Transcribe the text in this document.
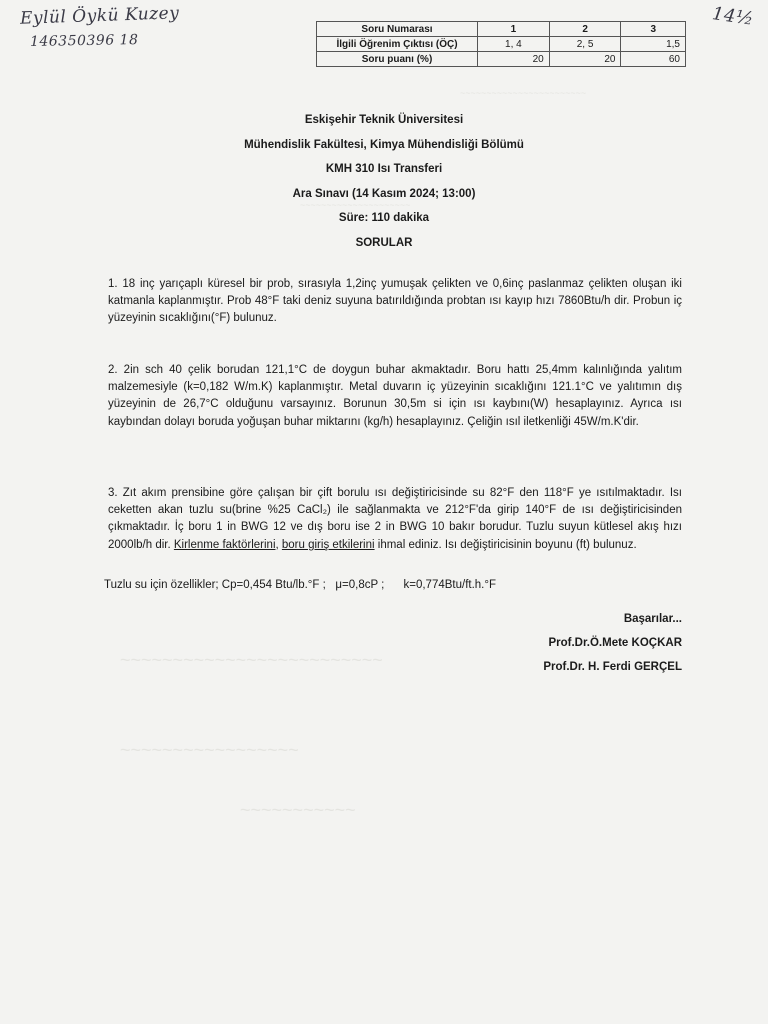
~~~~~~~~~~~~~~~~~~~~~~~~
~~~~~~~~~~~~~~~~~~~~~
~~~~~~~~~~~~~~~~~~~~~~~~~
~~~~~~~~~~~~~~~~~
~~~~~~~~~~~
Eylül Öykü Kuzey
146350396 18
14½
Soru Numarası	1	2	3
İlgili Öğrenim Çıktısı (ÖÇ)	1, 4	2, 5	1,5
Soru puanı (%)	20	20	60
Eskişehir Teknik Üniversitesi
Mühendislik Fakültesi, Kimya Mühendisliği Bölümü
KMH 310 Isı Transferi
Ara Sınavı (14 Kasım 2024; 13:00)
Süre: 110 dakika
SORULAR
1. 18 inç yarıçaplı küresel bir prob, sırasıyla 1,2inç yumuşak çelikten ve 0,6inç paslanmaz çelikten oluşan iki katmanla kaplanmıştır. Prob 48°F taki deniz suyuna batırıldığında probtan ısı kayıp hızı 7860Btu/h dir. Probun iç yüzeyinin sıcaklığını(°F) bulunuz.
2. 2in sch 40 çelik borudan 121,1°C de doygun buhar akmaktadır. Boru hattı 25,4mm kalınlığında yalıtım malzemesiyle (k=0,182 W/m.K) kaplanmıştır. Metal duvarın iç yüzeyinin sıcaklığını 121.1°C ve yalıtımın dış yüzeyinin de 26,7°C olduğunu varsayınız. Borunun 30,5m si için ısı kaybını(W) hesaplayınız. Ayrıca ısı kaybından dolayı boruda yoğuşan buhar miktarını (kg/h) hesaplayınız. Çeliğin ısıl iletkenliği 45W/m.K'dir.
3. Zıt akım prensibine göre çalışan bir çift borulu ısı değiştiricisinde su 82°F den 118°F ye ısıtılmaktadır. Isı ceketten akan tuzlu su(brine %25 CaCl₂) ile sağlanmakta ve 212°F'da girip 140°F de ısı değiştiricisinden çıkmaktadır. İç boru 1 in BWG 12 ve dış boru ise 2 in BWG 10 bakır borudur. Tuzlu suyun kütlesel akış hızı 2000lb/h dir. Kirlenme faktörlerini, boru giriş etkilerini ihmal ediniz. Isı değiştiricisinin boyunu (ft) bulunuz.
Tuzlu su için özellikler; Cp=0,454 Btu/lb.°F ;   μ=0,8cP ;      k=0,774Btu/ft.h.°F
Başarılar...
Prof.Dr.Ö.Mete KOÇKAR
Prof.Dr. H. Ferdi GERÇEL
